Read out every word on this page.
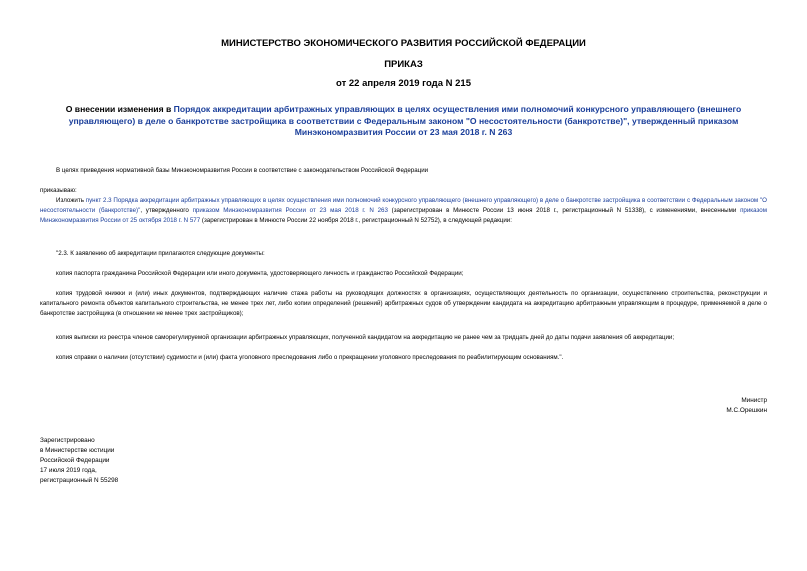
МИНИСТЕРСТВО ЭКОНОМИЧЕСКОГО РАЗВИТИЯ РОССИЙСКОЙ ФЕДЕРАЦИИ
ПРИКАЗ
от 22 апреля 2019 года N 215
О внесении изменения в Порядок аккредитации арбитражных управляющих в целях осуществления ими полномочий конкурсного управляющего (внешнего управляющего) в деле о банкротстве застройщика в соответствии с Федеральным законом "О несостоятельности (банкротстве)", утвержденный приказом Минэкономразвития России от 23 мая 2018 г. N 263
В целях приведения нормативной базы Минэкономразвития России в соответствие с законодательством Российской Федерации
приказываю:
Изложить пункт 2.3 Порядка аккредитации арбитражных управляющих в целях осуществления ими полномочий конкурсного управляющего (внешнего управляющего) в деле о банкротстве застройщика в соответствии с Федеральным законом "О несостоятельности (банкротстве)", утвержденного приказом Минэкономразвития России от 23 мая 2018 г. N 263 (зарегистрирован в Минюсте России 13 июня 2018 г., регистрационный N 51338), с изменениями, внесенными приказом Минэкономразвития России от 25 октября 2018 г. N 577 (зарегистрирован в Минюсте России 22 ноября 2018 г., регистрационный N 52752), в следующей редакции:
"2.3. К заявлению об аккредитации прилагаются следующие документы:
копия паспорта гражданина Российской Федерации или иного документа, удостоверяющего личность и гражданство Российской Федерации;
копия трудовой книжки и (или) иных документов, подтверждающих наличие стажа работы на руководящих должностях в организациях, осуществляющих деятельность по организации, осуществлению строительства, реконструкции и капитального ремонта объектов капитального строительства, не менее трех лет, либо копии определений (решений) арбитражных судов об утверждении кандидата на аккредитацию арбитражным управляющим в процедуре, применяемой в деле о банкротстве застройщика (в отношении не менее трех застройщиков);
копия выписки из реестра членов саморегулируемой организации арбитражных управляющих, полученной кандидатом на аккредитацию не ранее чем за тридцать дней до даты подачи заявления об аккредитации;
копия справки о наличии (отсутствии) судимости и (или) факта уголовного преследования либо о прекращении уголовного преследования по реабилитирующим основаниям.".
Министр
М.С.Орешкин
Зарегистрировано
в Министерстве юстиции
Российской Федерации
17 июля 2019 года,
регистрационный N 55298
